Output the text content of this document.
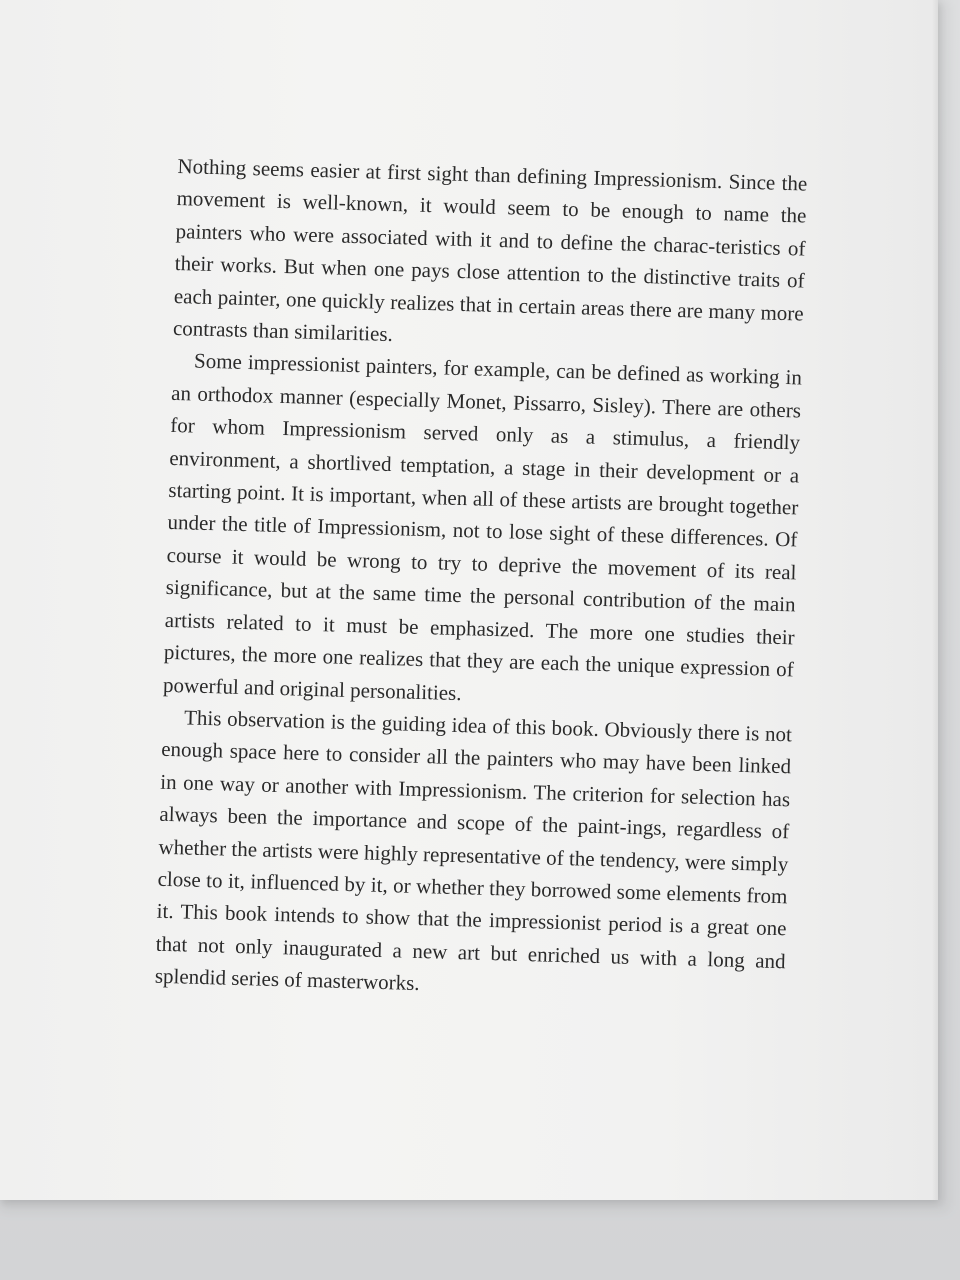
Nothing seems easier at first sight than defining Impressionism. Since the movement is well-known, it would seem to be enough to name the painters who were associated with it and to define the charac-teristics of their works. But when one pays close attention to the distinctive traits of each painter, one quickly realizes that in certain areas there are many more contrasts than similarities.

Some impressionist painters, for example, can be defined as working in an orthodox manner (especially Monet, Pissarro, Sisley). There are others for whom Impressionism served only as a stimulus, a friendly environment, a shortlived temptation, a stage in their development or a starting point. It is important, when all of these artists are brought together under the title of Impressionism, not to lose sight of these differences. Of course it would be wrong to try to deprive the movement of its real significance, but at the same time the personal contribution of the main artists related to it must be emphasized. The more one studies their pictures, the more one realizes that they are each the unique expression of powerful and original personalities.

This observation is the guiding idea of this book. Obviously there is not enough space here to consider all the painters who may have been linked in one way or another with Impressionism. The criterion for selection has always been the importance and scope of the paint-ings, regardless of whether the artists were highly representative of the tendency, were simply close to it, influenced by it, or whether they borrowed some elements from it. This book intends to show that the impressionist period is a great one that not only inaugurated a new art but enriched us with a long and splendid series of masterworks.
